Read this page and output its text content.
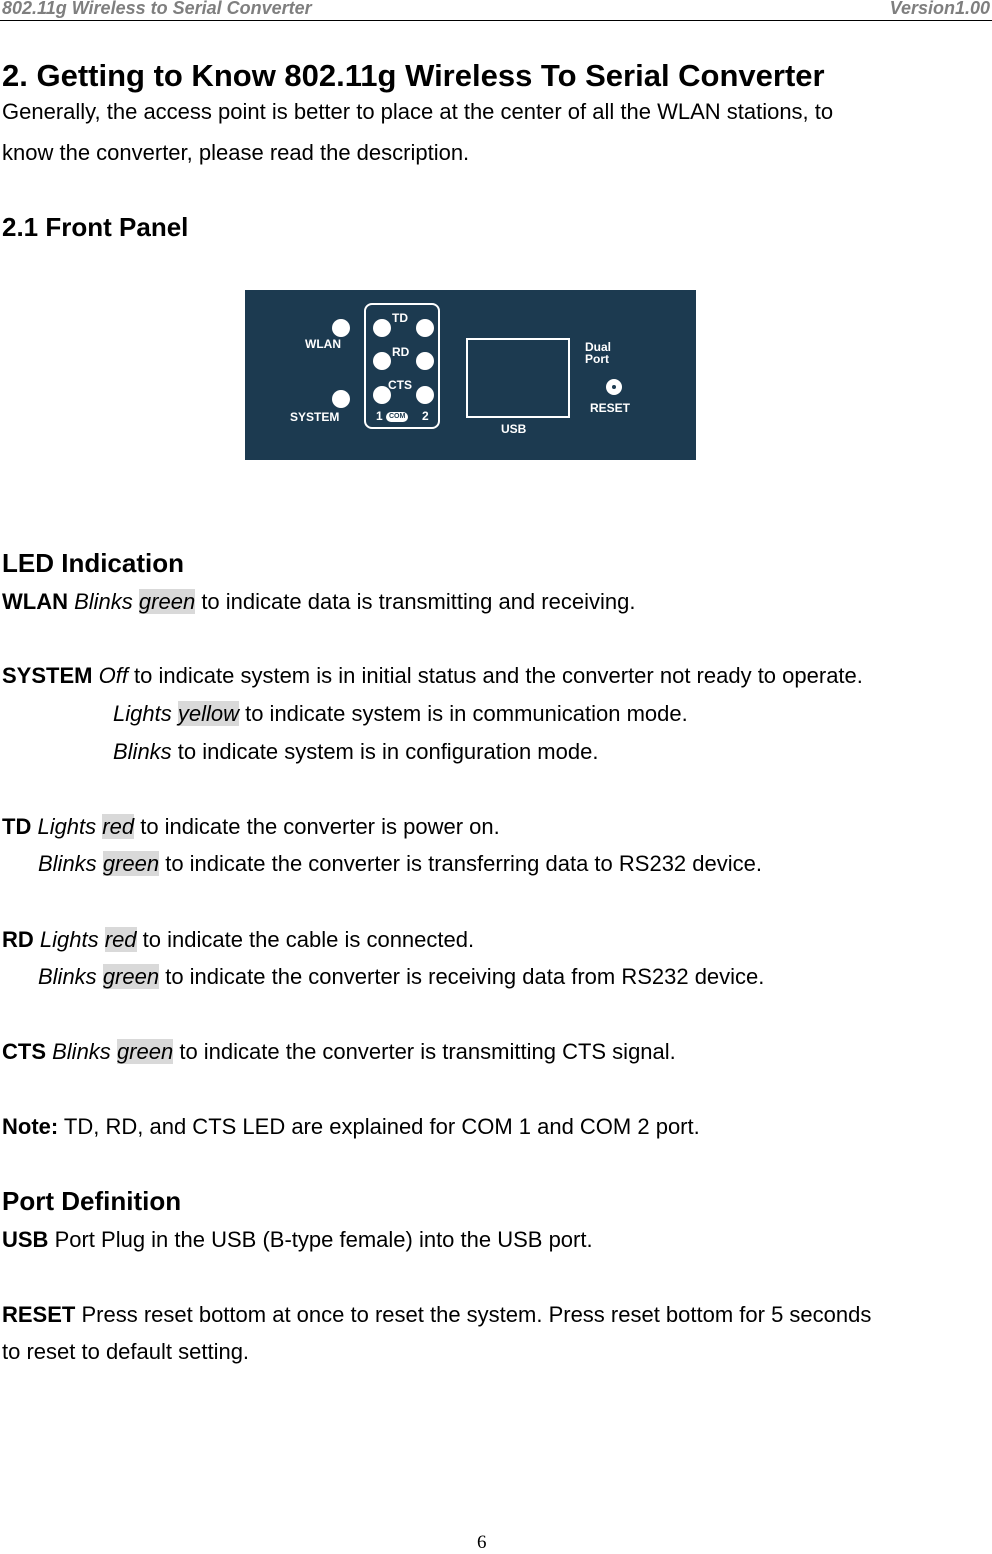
802.11g Wireless to Serial Converter	Version1.00
2. Getting to Know 802.11g Wireless To Serial Converter
Generally, the access point is better to place at the center of all the WLAN stations, to
know the converter, please read the description.
2.1 Front Panel
WLAN
SYSTEM
TD
RD
CTS
1 COM 2
USB
Dual
Port
RESET
LED Indication
WLAN Blinks green to indicate data is transmitting and receiving.
SYSTEM Off to indicate system is in initial status and the converter not ready to operate.
Lights yellow to indicate system is in communication mode.
Blinks to indicate system is in configuration mode.
TD Lights red to indicate the converter is power on.
Blinks green to indicate the converter is transferring data to RS232 device.
RD Lights red to indicate the cable is connected.
Blinks green to indicate the converter is receiving data from RS232 device.
CTS Blinks green to indicate the converter is transmitting CTS signal.
Note: TD, RD, and CTS LED are explained for COM 1 and COM 2 port.
Port Definition
USB Port Plug in the USB (B-type female) into the USB port.
RESET Press reset bottom at once to reset the system. Press reset bottom for 5 seconds
to reset to default setting.
6
